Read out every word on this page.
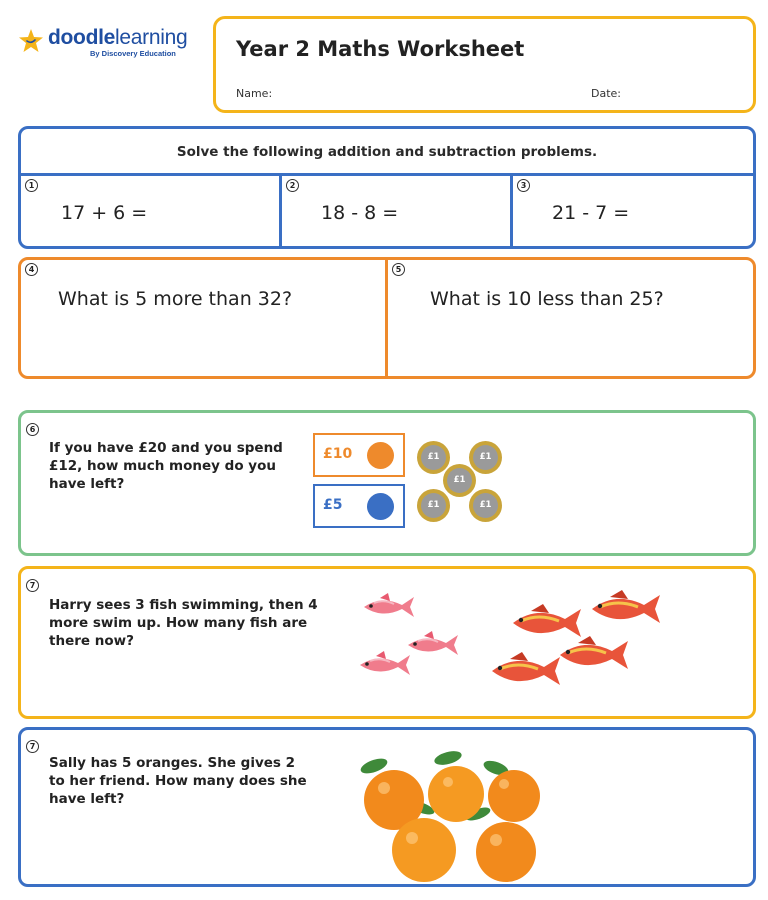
doodlelearning
By Discovery Education	Year 2 Maths Worksheet
Name:	Date:
Solve the following addition and subtraction problems.
1
17 + 6 =
2
18 - 8 =
3
21 - 7 =
4
What is 5 more than 32?
5
What is 10 less than 25?
6
If you have £20 and you spend £12, how much money do you have left?
£10
£5
£1	£1
£1
£1	£1
7
Harry sees 3 fish swimming, then 4 more swim up. How many fish are there now?
7
Sally has 5 oranges. She gives 2 to her friend. How many does she have left?
